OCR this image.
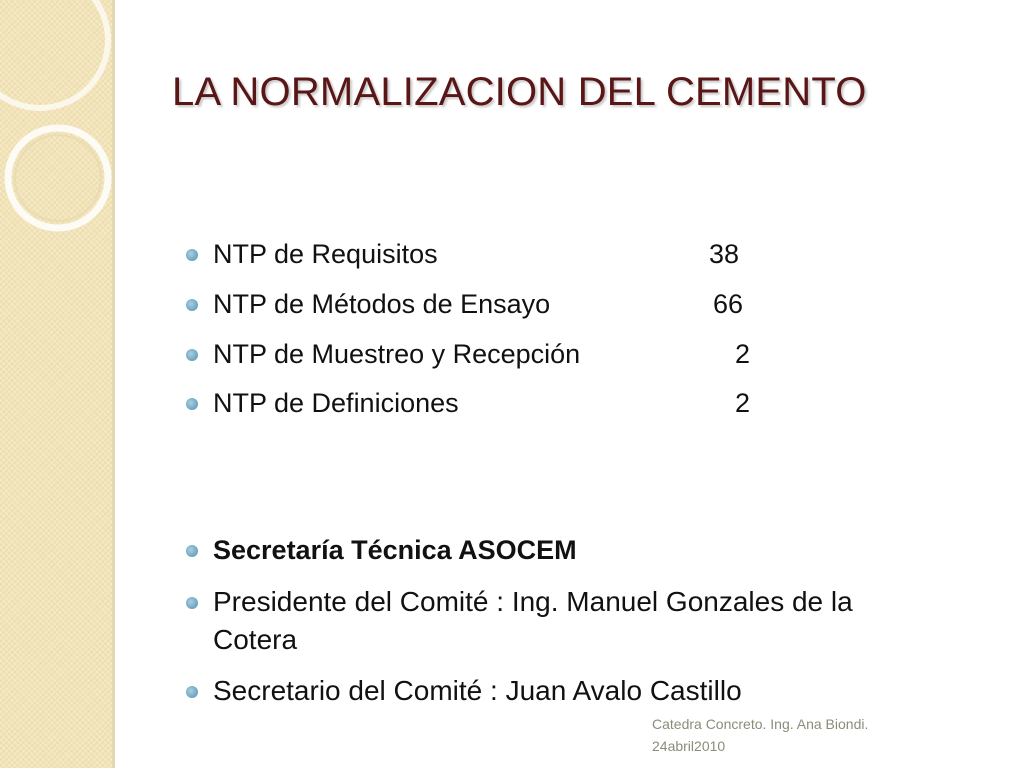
LA NORMALIZACION DEL CEMENTO
NTP de Requisitos	38
NTP de Métodos de Ensayo	66
NTP de Muestreo y Recepción	2
NTP de Definiciones	2
Secretaría Técnica ASOCEM
Presidente del Comité : Ing. Manuel Gonzales de la Cotera
Secretario del Comité : Juan Avalo Castillo
Catedra Concreto. Ing. Ana Biondi.
24abril2010
